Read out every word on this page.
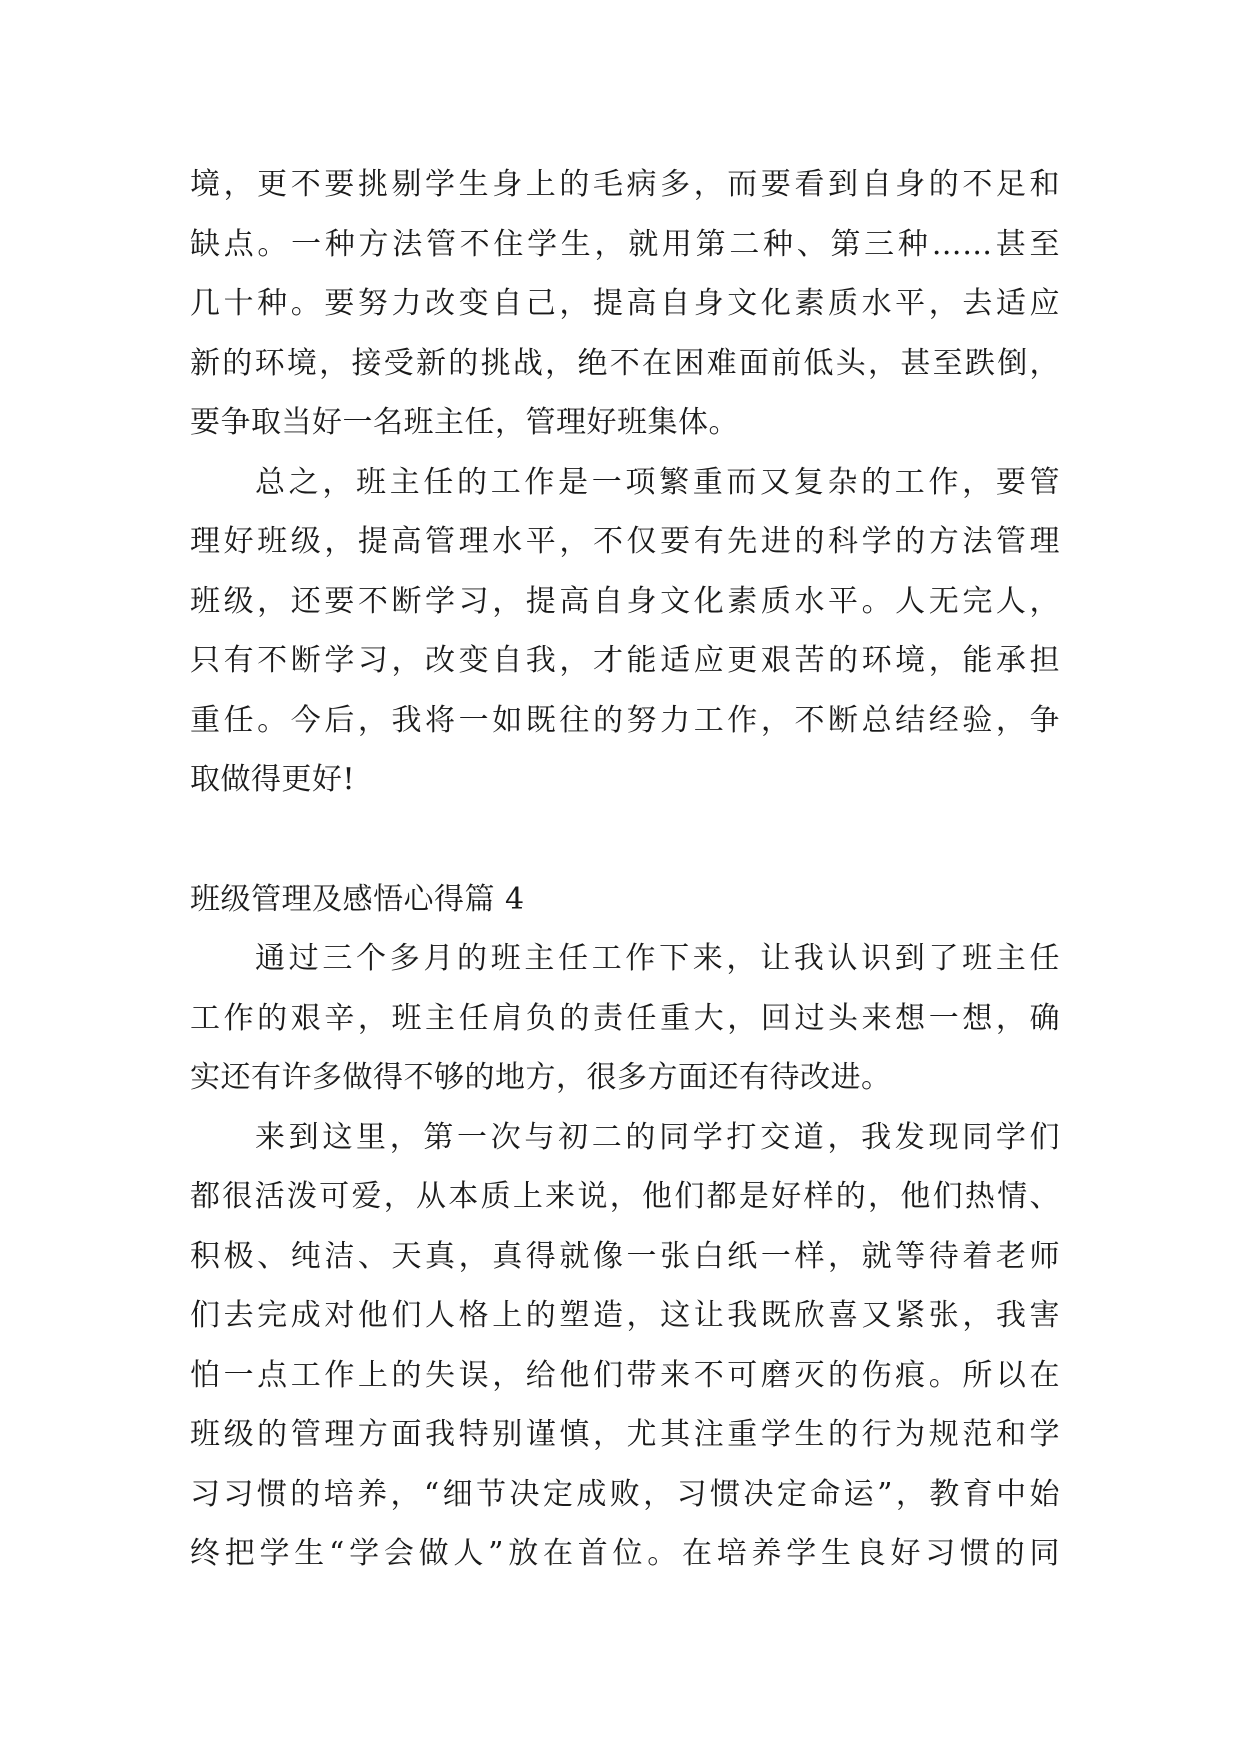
境，更不要挑剔学生身上的毛病多，而要看到自身的不足和
缺点。一种方法管不住学生，就用第二种、第三种……甚至
几十种。要努力改变自己，提高自身文化素质水平，去适应
新的环境，接受新的挑战，绝不在困难面前低头，甚至跌倒，
要争取当好一名班主任，管理好班集体。
总之，班主任的工作是一项繁重而又复杂的工作，要管
理好班级，提高管理水平，不仅要有先进的科学的方法管理
班级，还要不断学习，提高自身文化素质水平。人无完人，
只有不断学习，改变自我，才能适应更艰苦的环境，能承担
重任。今后，我将一如既往的努力工作，不断总结经验，争
取做得更好!
班级管理及感悟心得篇 4
通过三个多月的班主任工作下来，让我认识到了班主任
工作的艰辛，班主任肩负的责任重大，回过头来想一想，确
实还有许多做得不够的地方，很多方面还有待改进。
来到这里，第一次与初二的同学打交道，我发现同学们
都很活泼可爱，从本质上来说，他们都是好样的，他们热情、
积极、纯洁、天真，真得就像一张白纸一样，就等待着老师
们去完成对他们人格上的塑造，这让我既欣喜又紧张，我害
怕一点工作上的失误，给他们带来不可磨灭的伤痕。所以在
班级的管理方面我特别谨慎，尤其注重学生的行为规范和学
习习惯的培养，“细节决定成败，习惯决定命运”，教育中始
终把学生“学会做人”放在首位。在培养学生良好习惯的同
